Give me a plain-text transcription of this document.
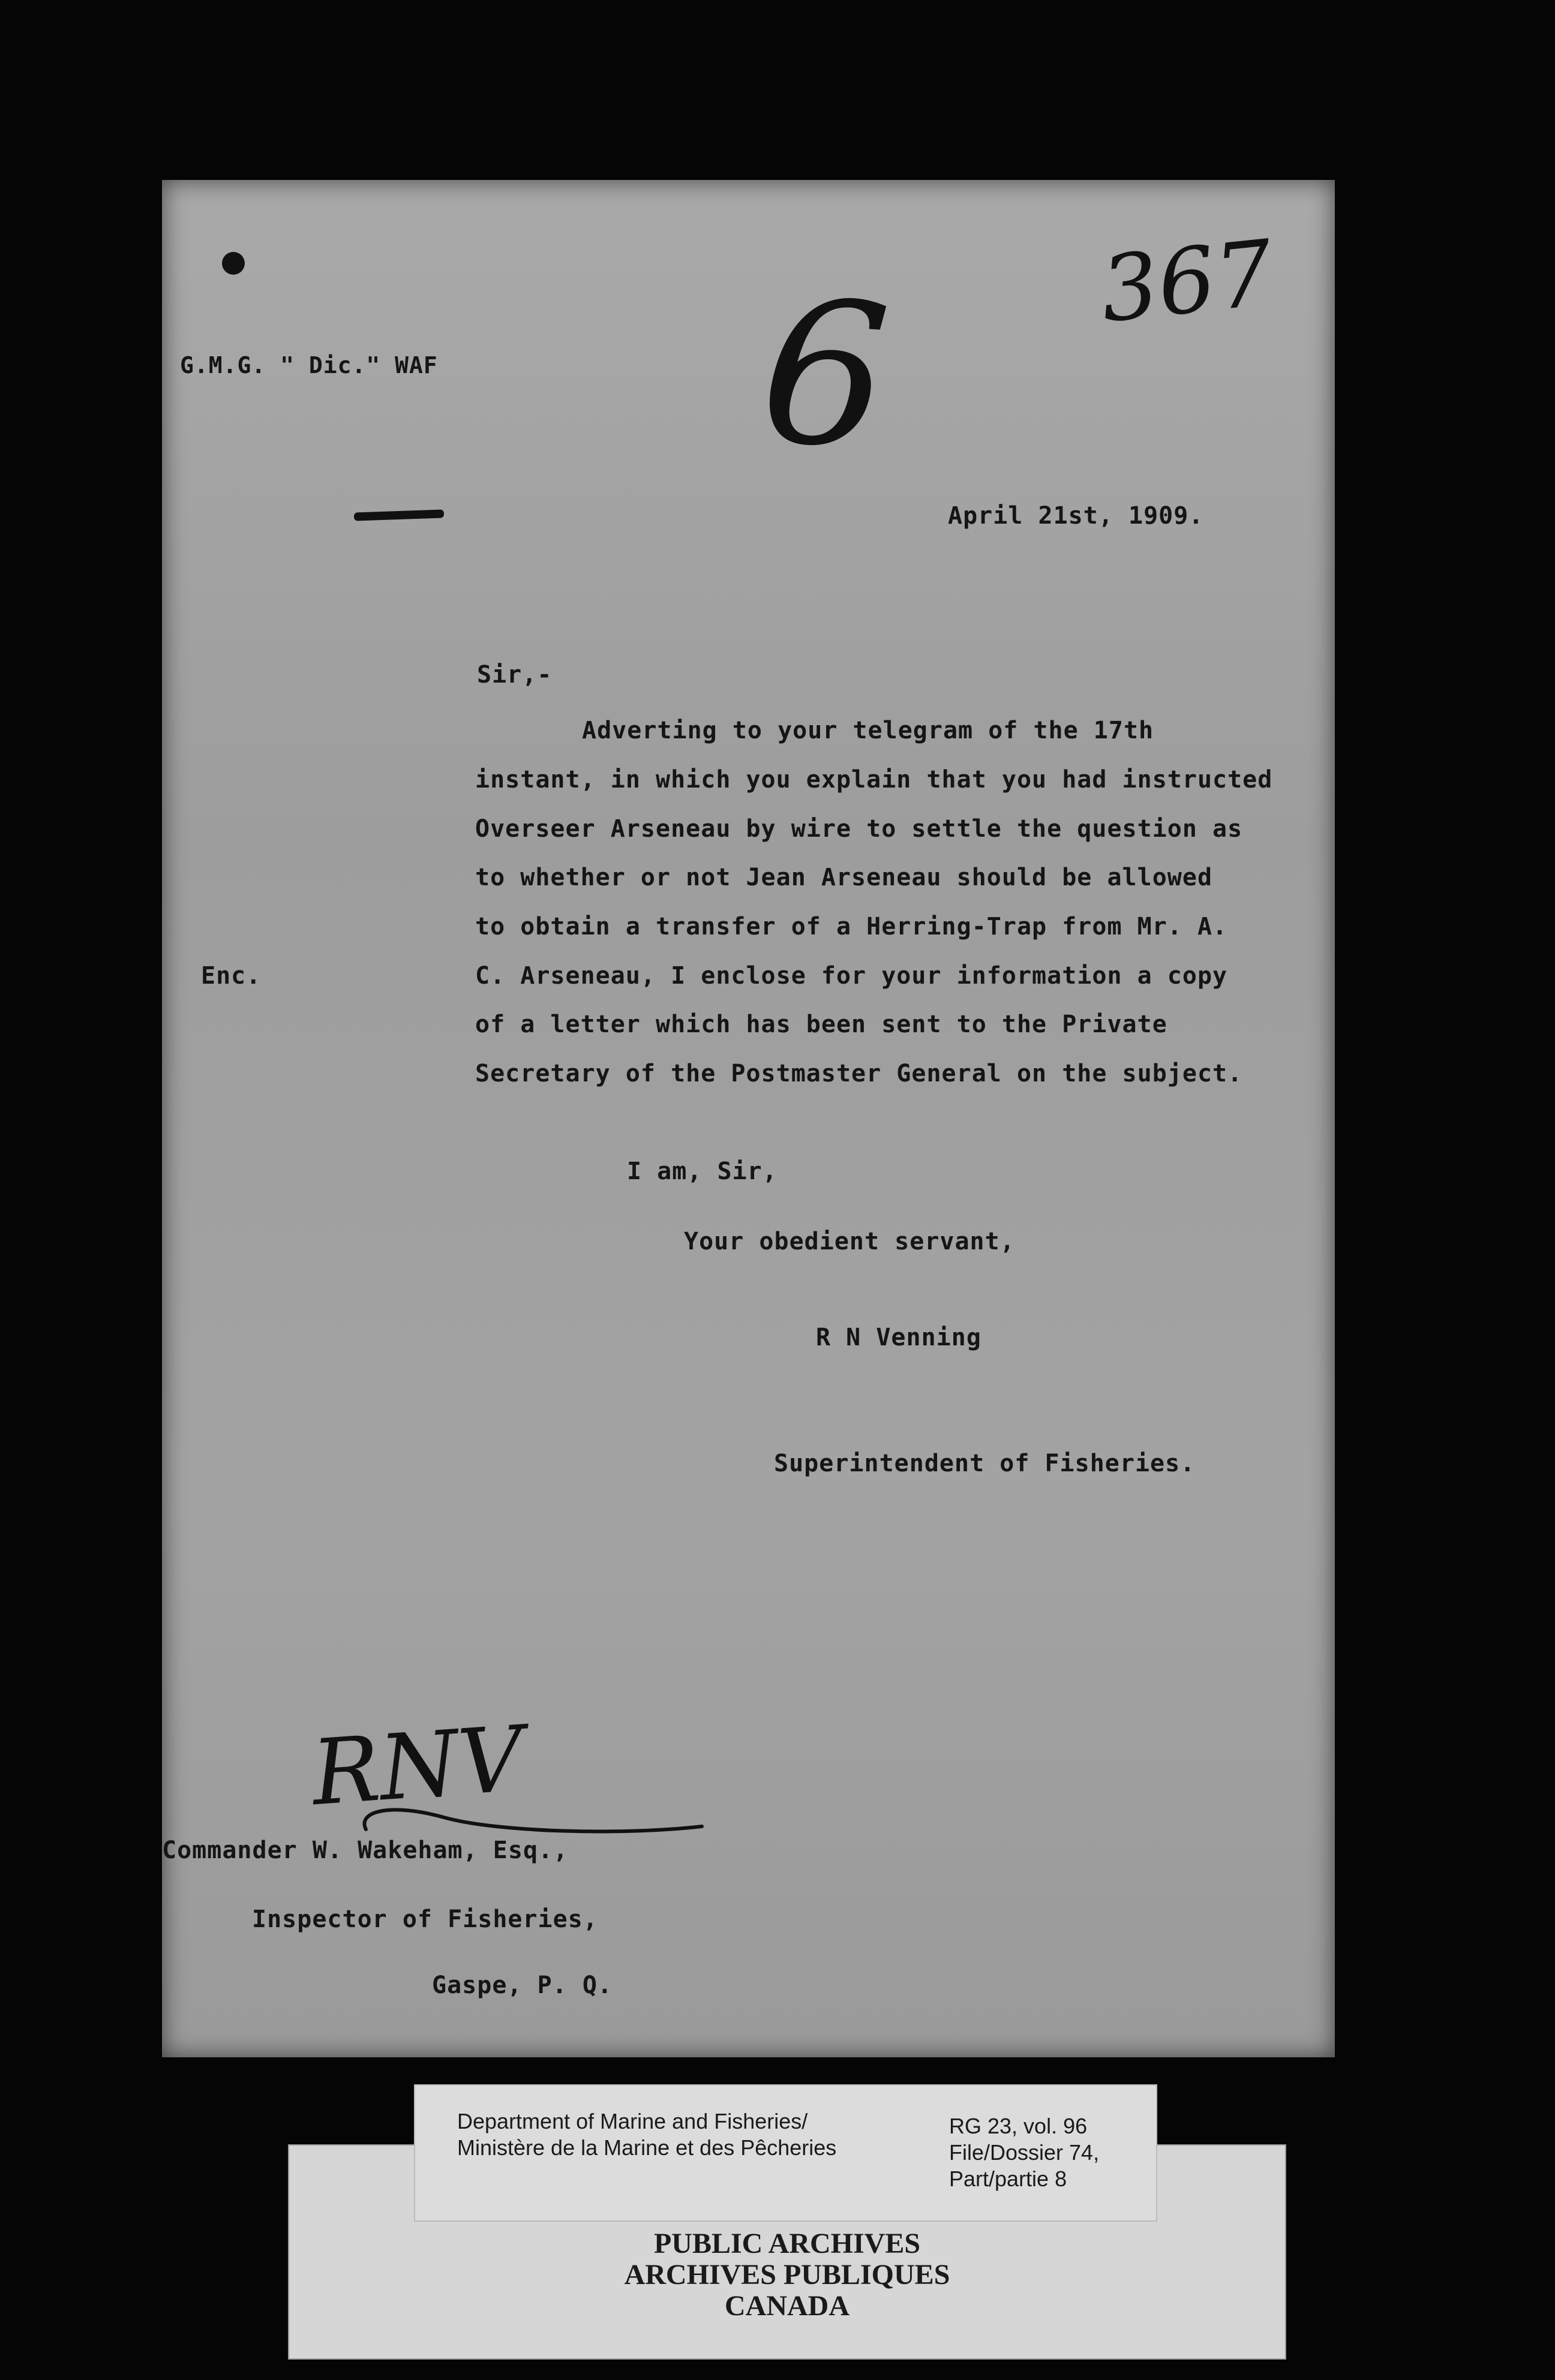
G.M.G. " Dic." WAF
367
6
April 21st, 1909.
Sir,-
Adverting to your telegram of the 17th
instant, in which you explain that you had instructed
Overseer Arseneau by wire to settle the question as
to whether or not Jean Arseneau should be allowed
to obtain a transfer of a Herring-Trap from Mr. A.
C. Arseneau, I enclose for your information a copy
of a letter which has been sent to the Private
Secretary of the Postmaster General on the subject.
Enc.
I am, Sir,
Your obedient servant,
R N Venning
Superintendent of Fisheries.
RNV
Commander W. Wakeham, Esq.,
Inspector of Fisheries,
Gaspe, P. Q.
PUBLIC ARCHIVES
ARCHIVES PUBLIQUES
CANADA
Department of Marine and Fisheries/
Ministère de la Marine et des Pêcheries
RG 23, vol. 96
File/Dossier 74,
Part/partie 8
